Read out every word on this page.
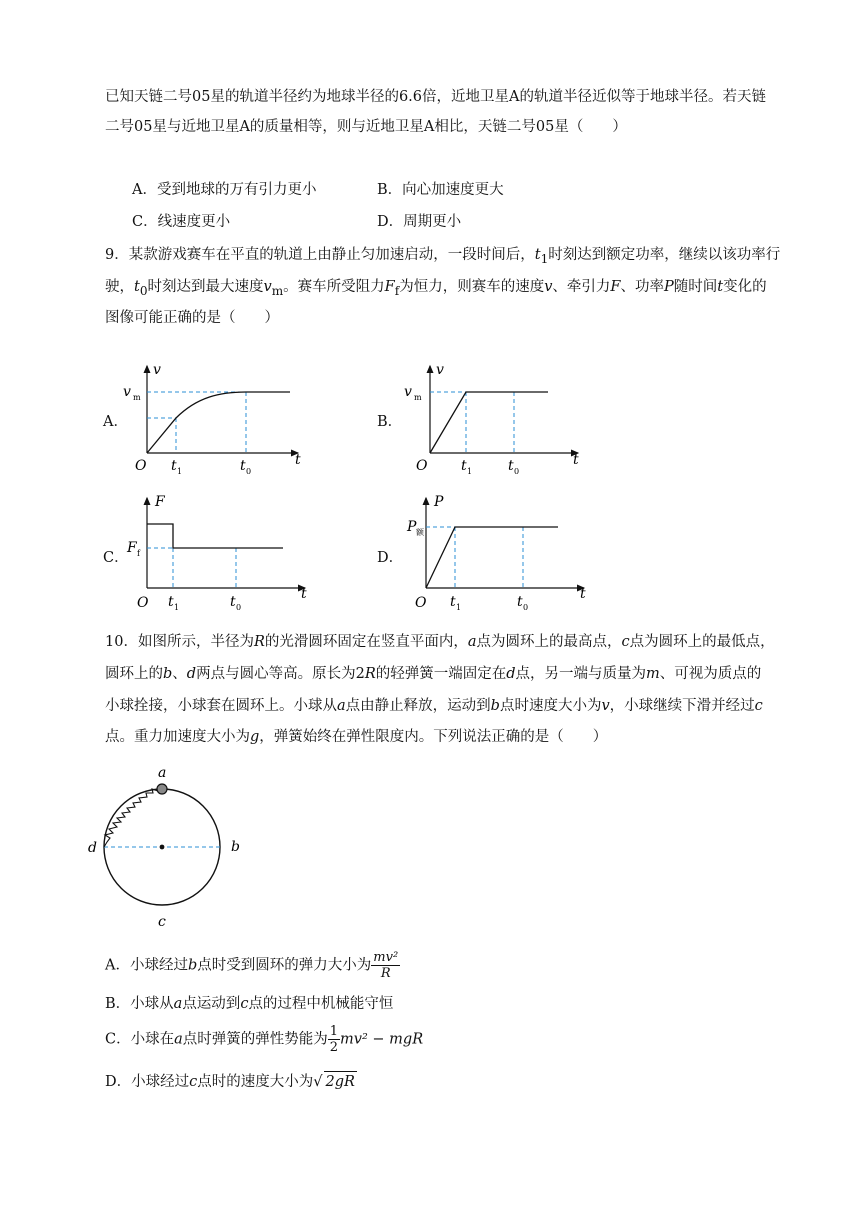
已知天链二号05星的轨道半径约为地球半径的6.6倍，近地卫星A的轨道半径近似等于地球半径。若天链
二号05星与近地卫星A的质量相等，则与近地卫星A相比，天链二号05星（　　）
A．受到地球的万有引力更小	B．向心加速度更大
C．线速度更小	D．周期更小
9．某款游戏赛车在平直的轨道上由静止匀加速启动，一段时间后，$t_1$时刻达到额定功率，继续以该功率行
驶，$t_0$时刻达到最大速度$v_m$。赛车所受阻力$F_f$为恒力，则赛车的速度v、牵引力F、功率P随时间t变化的
图像可能正确的是（　　）
A．
O
v
t
v m
t 1	t 0
B．
O
v
t
v m
t 1	t 0
C．
O
F
t
F f
t 1	t 0
D．
O
P
t
P 额
t 1	t 0
10．如图所示，半径为R的光滑圆环固定在竖直平面内，a点为圆环上的最高点，c点为圆环上的最低点，
圆环上的b、d两点与圆心等高。原长为2R的轻弹簧一端固定在d点，另一端与质量为m、可视为质点的
小球拴接，小球套在圆环上。小球从a点由静止释放，运动到b点时速度大小为v，小球继续下滑并经过c
点。重力加速度大小为g，弹簧始终在弹性限度内。下列说法正确的是（　　）
a
b
c
d
A．小球经过b点时受到圆环的弹力大小为 $\frac{\text{mv²}}{R}$
B．小球从a点运动到c点的过程中机械能守恒
C．小球在a点时弹簧的弹性势能为 $\frac{1}{2} mv^2$ − mgR
D．小球经过c点时的速度大小为√ 2gR
